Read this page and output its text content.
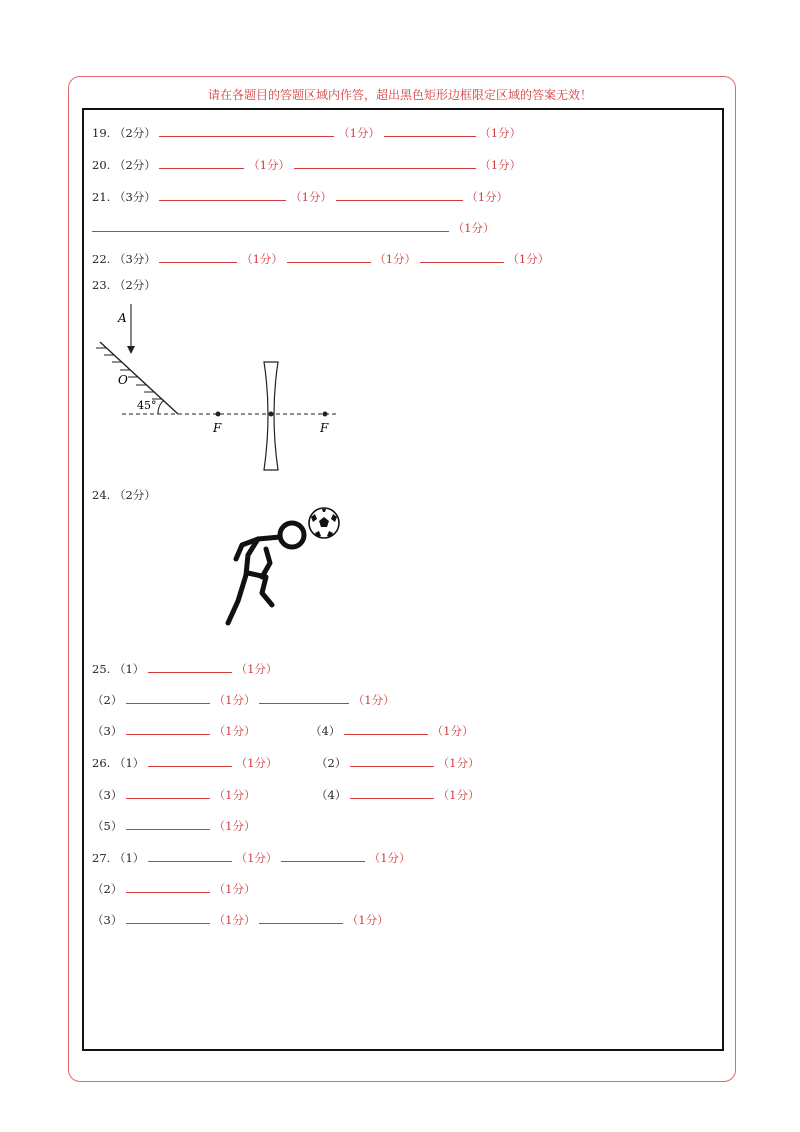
请在各题目的答题区域内作答，超出黑色矩形边框限定区域的答案无效！
19. （2分）	（1分）	（1分）
20. （2分）	（1分）	（1分）
21. （3分）	（1分）	（1分）
（1分）
22. （3分）	（1分）	（1分）	（1分）
23. （2分）
A
O
45°
F	F
24. （2分）
25. （1）	（1分）
（2）	（1分）	（1分）
（3）	（1分）	（4）	（1分）
26. （1）	（1分）	（2）	（1分）
（3）	（1分）	（4）	（1分）
（5）	（1分）
27. （1）	（1分）	（1分）
（2）	（1分）
（3）	（1分）	（1分）
